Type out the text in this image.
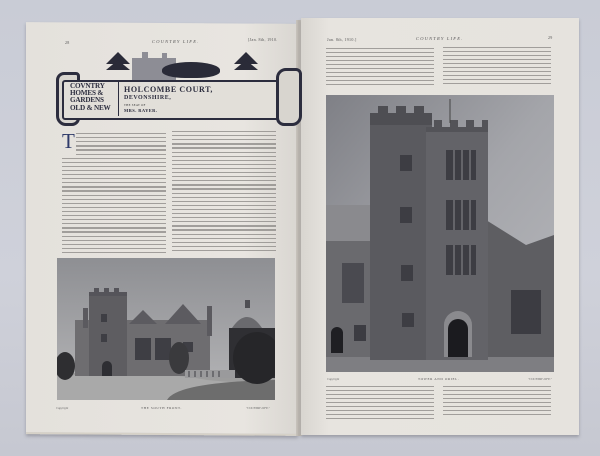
28	COUNTRY LIFE.	[Jan. 8th, 1910.
COVNTRY
HOMES &
GARDENS
OLD & NEW
HOLCOMBE COURT,
DEVONSHIRE,
THE SEAT OF
MRS. RAYER.
T
Copyright	THE SOUTH FRONT.	"COUNTRY LIFE."
Jan. 8th, 1910.]	COUNTRY LIFE.	29
Copyright	TOWER AND ORIEL.	"COUNTRY LIFE."
